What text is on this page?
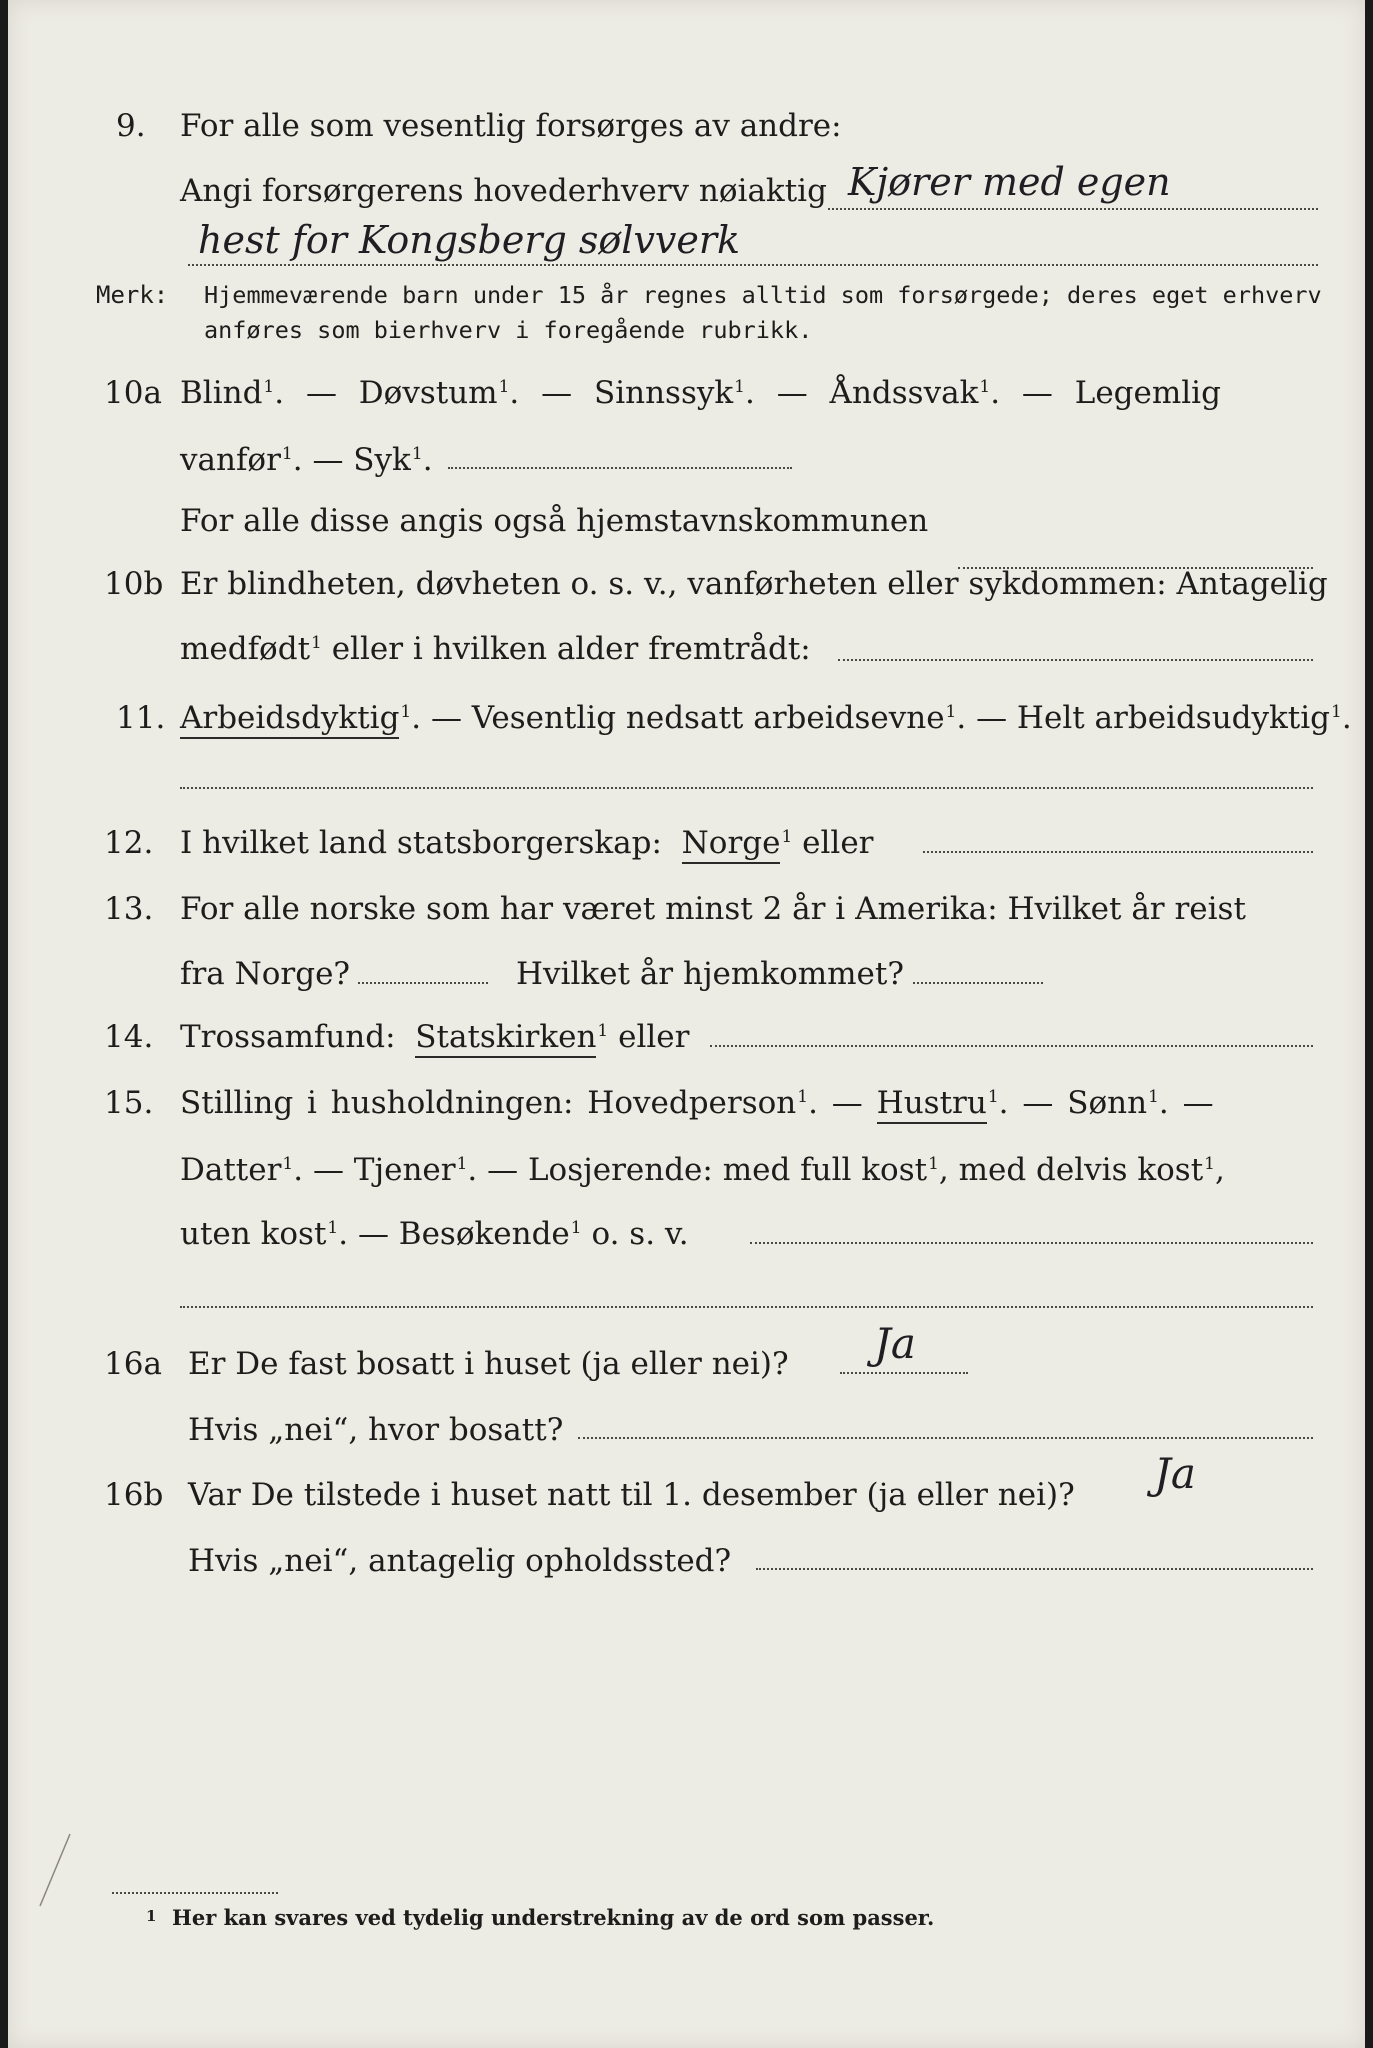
9. For alle som vesentlig forsørges av andre:
Angi forsørgerens hovederhverv nøiaktig Kjører med egen
hest for Kongsberg sølvverk
Merk: Hjemmeværende barn under 15 år regnes alltid som forsørgede; deres eget erhverv
anføres som bierhverv i foregående rubrikk.
10a Blind$^1$. — Døvstum$^1$. — Sinnssyk$^1$. — Åndssvak$^1$. — Legemlig
vanfør$^1$. — Syk$^1$.
For alle disse angis også hjemstavnskommunen
10b Er blindheten, døvheten o. s. v., vanførheten eller sykdommen: Antagelig
medfødt$^1$ eller i hvilken alder fremtrådt:
11. Arbeidsdyktig$^1$. — Vesentlig nedsatt arbeidsevne$^1$. — Helt arbeidsudyktig$^1$.
12. I hvilket land statsborgerskap: Norge$^1$ eller
13. For alle norske som har været minst 2 år i Amerika: Hvilket år reist
fra Norge?	Hvilket år hjemkommet?
14. Trossamfund: Statskirken$^1$ eller
15. Stilling i husholdningen: Hovedperson$^1$. — Hustru$^1$. — Sønn$^1$. —
Datter$^1$. — Tjener$^1$. — Losjerende: med full kost$^1$, med delvis kost$^1$,
uten kost$^1$. — Besøkende$^1$ o. s. v.
16a Er De fast bosatt i huset (ja eller nei)? Ja
Hvis „nei“, hvor bosatt?
16b Var De tilstede i huset natt til 1. desember (ja eller nei)? Ja
Hvis „nei“, antagelig opholdssted?
1 Her kan svares ved tydelig understrekning av de ord som passer.
